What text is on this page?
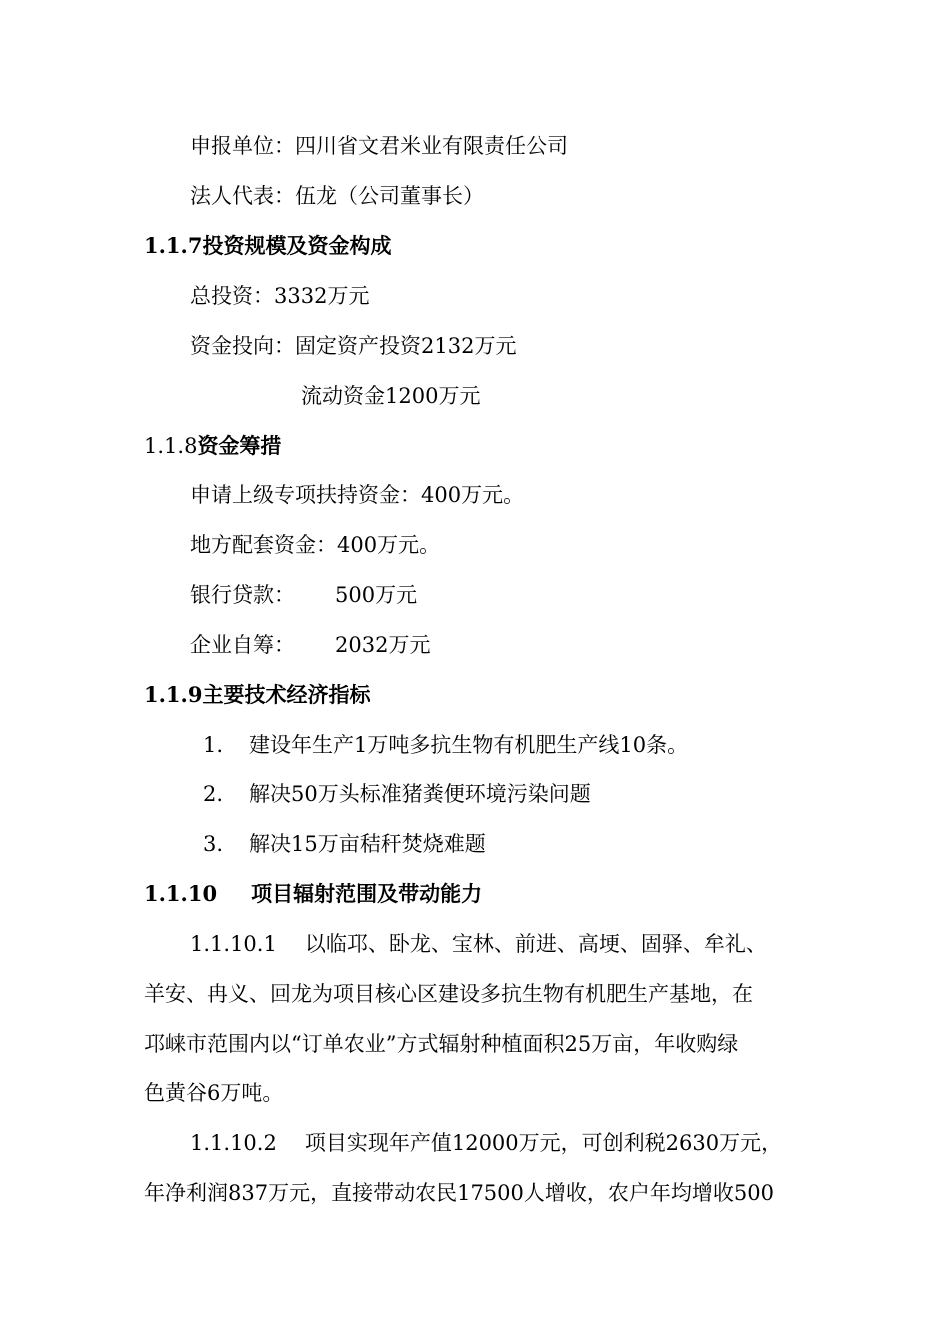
申报单位：四川省文君米业有限责任公司
法人代表：伍龙（公司董事长）
1.1.7投资规模及资金构成
总投资：3332万元
资金投向：固定资产投资2132万元
流动资金1200万元
1.1.8资金筹措
申请上级专项扶持资金：400万元。
地方配套资金：400万元。
银行贷款： 500万元
企业自筹： 2032万元
1.1.9主要技术经济指标
1. 建设年生产1万吨多抗生物有机肥生产线10条。
2. 解决50万头标准猪粪便环境污染问题
3. 解决15万亩秸秆焚烧难题
1.1.10 项目辐射范围及带动能力
1.1.10.1 以临邛、卧龙、宝林、前进、高埂、固驿、牟礼、
羊安、冉义、回龙为项目核心区建设多抗生物有机肥生产基地，在
邛崃市范围内以“订单农业”方式辐射种植面积25万亩，年收购绿
色黄谷6万吨。
1.1.10.2 项目实现年产值12000万元，可创利税2630万元，
年净利润837万元，直接带动农民17500人增收，农户年均增收500
